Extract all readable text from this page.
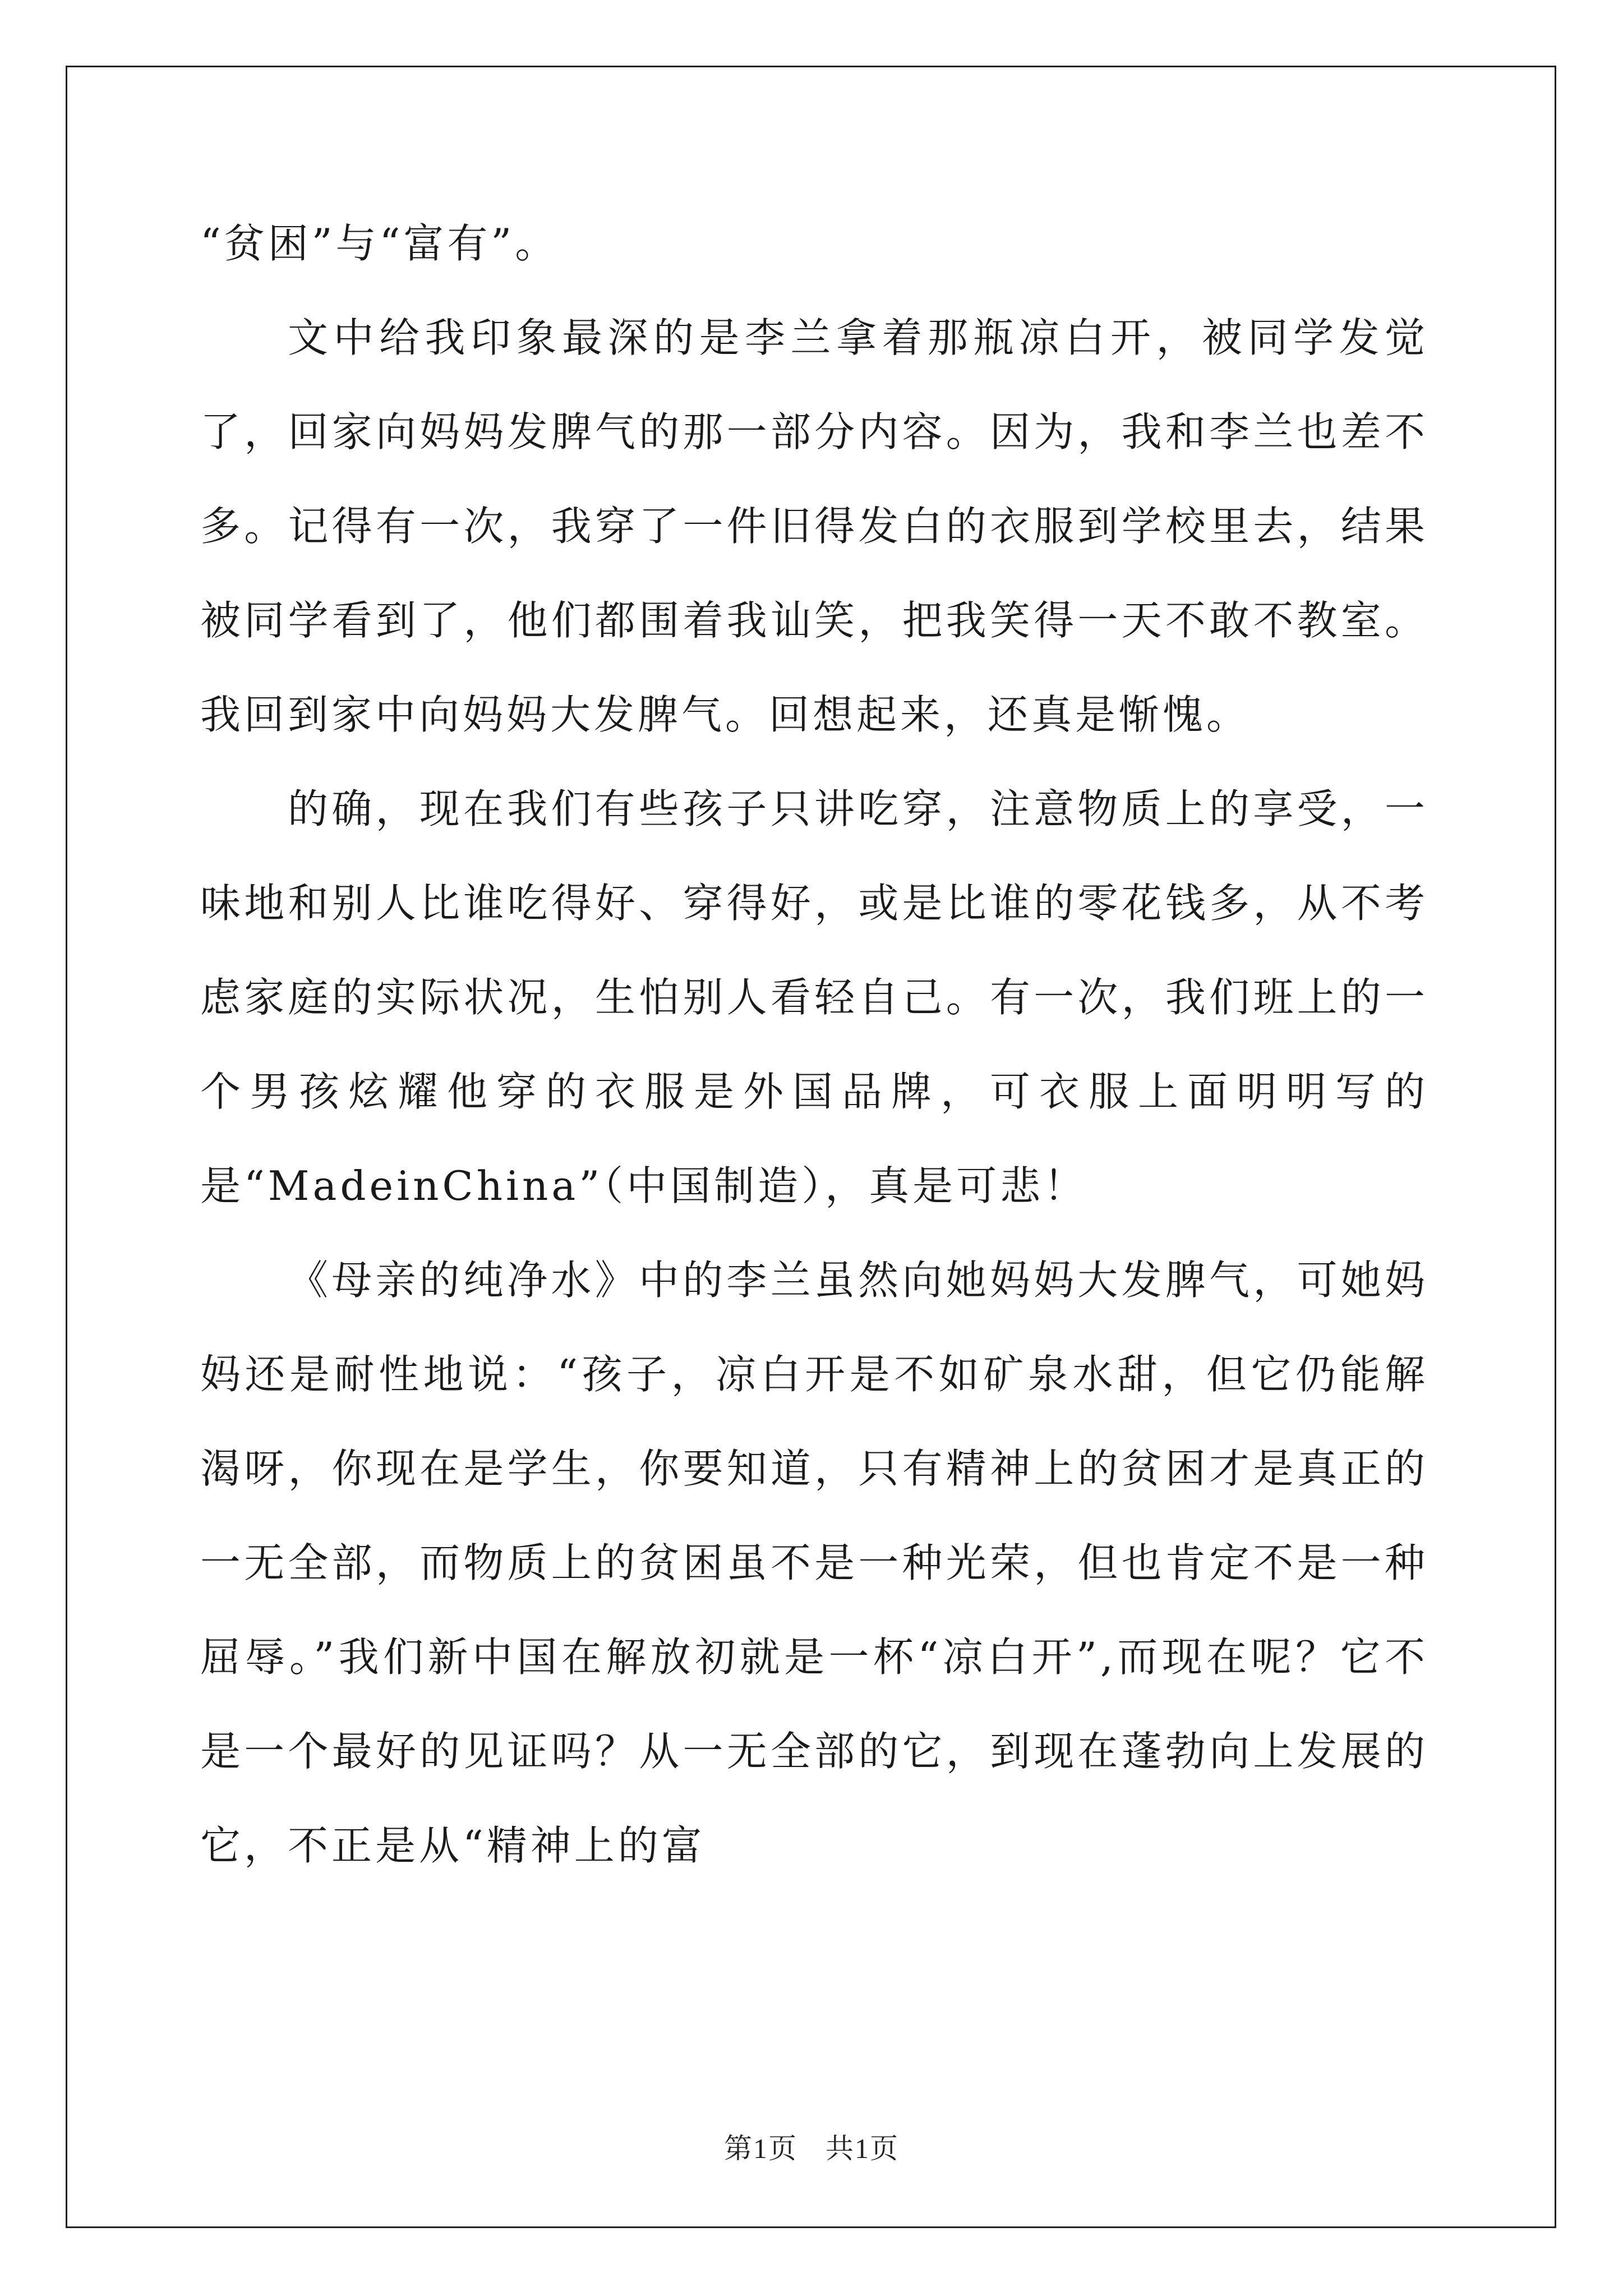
“贫困”与“富有”。

文中给我印象最深的是李兰拿着那瓶凉白开，被同学发觉了，回家向妈妈发脾气的那一部分内容。因为，我和李兰也差不多。记得有一次，我穿了一件旧得发白的衣服到学校里去，结果被同学看到了，他们都围着我讪笑，把我笑得一天不敢不教室。我回到家中向妈妈大发脾气。回想起来，还真是惭愧。

的确，现在我们有些孩子只讲吃穿，注意物质上的享受，一味地和别人比谁吃得好、穿得好，或是比谁的零花钱多，从不考虑家庭的实际状况，生怕别人看轻自己。有一次，我们班上的一个男孩炫耀他穿的衣服是外国品牌，可衣服上面明明写的是“MadeinChina”（中国制造），真是可悲！

《母亲的纯净水》中的李兰虽然向她妈妈大发脾气，可她妈妈还是耐性地说：“孩子，凉白开是不如矿泉水甜，但它仍能解渴呀，你现在是学生，你要知道，只有精神上的贫困才是真正的一无全部，而物质上的贫困虽不是一种光荣，但也肯定不是一种屈辱。”我们新中国在解放初就是一杯“凉白开”,而现在呢？它不是一个最好的见证吗？从一无全部的它，到现在蓬勃向上发展的它，不正是从“精神上的富

第1页 共1页
